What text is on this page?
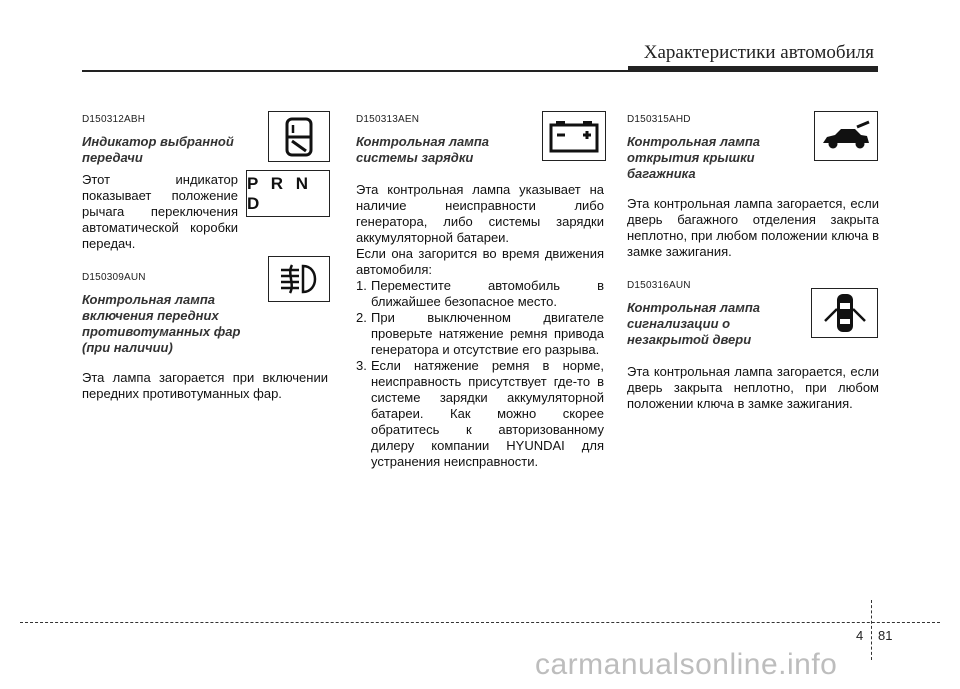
Характеристики автомобиля
D150312ABH
Индикатор выбранной передачи

Этот индикатор показывает положение рычага переключения автоматической коробки передач.

D150309AUN
Контрольная лампа включения передних противотуманных фар (при наличии)

Эта лампа загорается при включении передних противотуманных фар.

P R N D
D150313AEN
Контрольная лампа системы зарядки

Эта контрольная лампа указывает на наличие неисправности либо генератора, либо системы зарядки аккумуляторной батареи.

Если она загорится во время движения автомобиля:

1. Переместите автомобиль в ближайшее безопасное место.
2. При выключенном двигателе проверьте натяжение ремня привода генератора и отсутствие его разрыва.
3. Если натяжение ремня в норме, неисправность присутствует где-то в системе зарядки аккумуляторной батареи. Как можно скорее обратитесь к авторизованному дилеру компании HYUNDAI для устранения неисправности.
D150315AHD
Контрольная лампа открытия крышки багажника

Эта контрольная лампа загорается, если дверь багажного отделения закрыта неплотно, при любом положении ключа в замке зажигания.

D150316AUN
Контрольная лампа сигнализации о незакрытой двери

Эта контрольная лампа загорается, если дверь закрыта неплотно, при любом положении ключа в замке зажигания.

4 81
carmanualsonline.info
